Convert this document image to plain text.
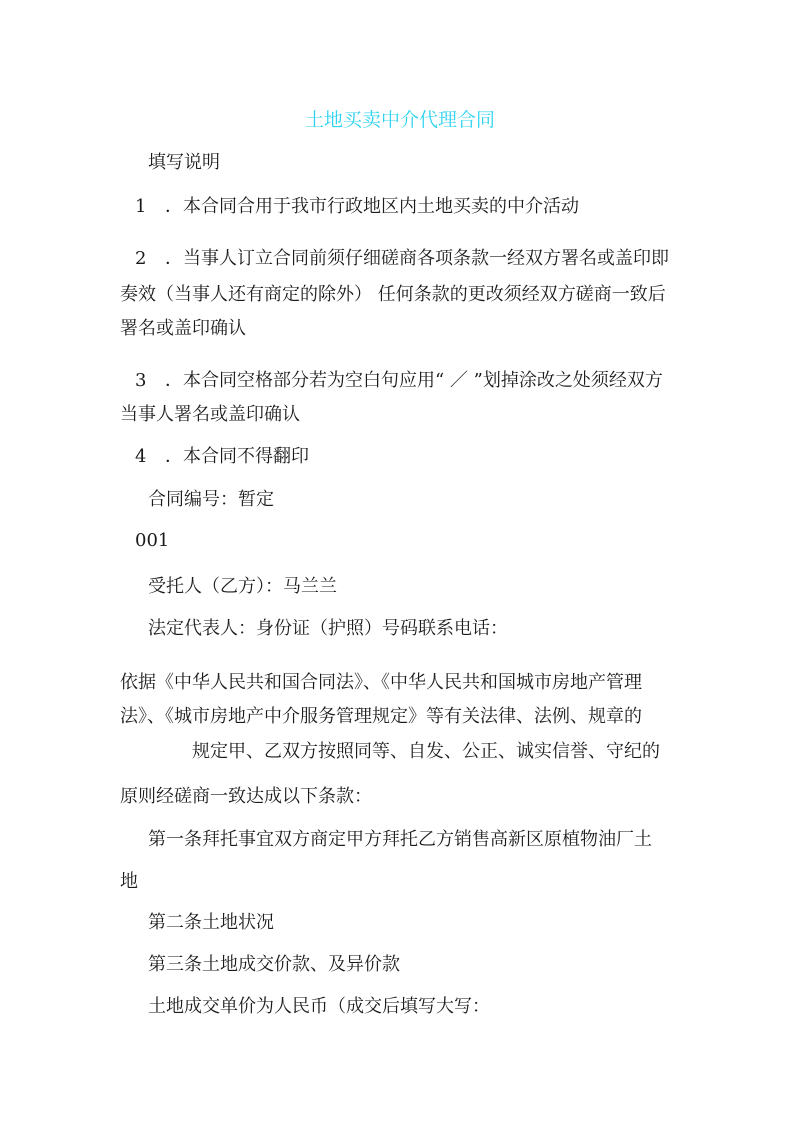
土地买卖中介代理合同
填写说明
1 ．本合同合用于我市行政地区内土地买卖的中介活动
2 ．当事人订立合同前须仔细磋商各项条款一经双方署名或盖印即
奏效（当事人还有商定的除外） 任何条款的更改须经双方磋商一致后
署名或盖印确认
3 ．本合同空格部分若为空白句应用“ ／ ”划掉涂改之处须经双方
当事人署名或盖印确认
4 ．本合同不得翻印
合同编号：暂定
001
受托人（乙方）：马兰兰
法定代表人：身份证（护照）号码联系电话：
依据《中华人民共和国合同法》、《中华人民共和国城市房地产管理
法》、《城市房地产中介服务管理规定》等有关法律、法例、规章的
规定甲、乙双方按照同等、自发、公正、诚实信誉、守纪的
原则经磋商一致达成以下条款：
第一条拜托事宜双方商定甲方拜托乙方销售高新区原植物油厂土
地
第二条土地状况
第三条土地成交价款、及异价款
土地成交单价为人民币（成交后填写大写：
